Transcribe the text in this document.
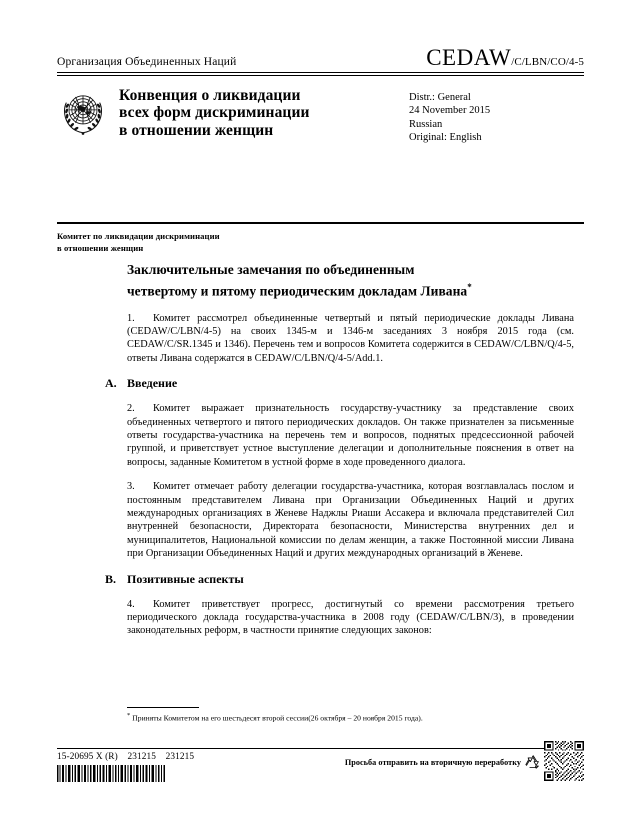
Организация Объединенных Наций	CEDAW /C/LBN/CO/4-5
Конвенция о ликвидации
всех форм дискриминации
в отношении женщин
Distr.: General
24 November 2015
Russian
Original: English
Комитет по ликвидации дискриминации
в отношении женщин
Заключительные замечания по объединенным
четвертому и пятому периодическим докладам Ливана*

1. Комитет рассмотрел объединенные четвертый и пятый периодические доклады Ливана (CEDAW/C/LBN/4-5) на своих 1345-м и 1346-м заседаниях 3 ноября 2015 года (см. CEDAW/C/SR.1345 и 1346). Перечень тем и вопросов Комитета содержится в CEDAW/C/LBN/Q/4-5, ответы Ливана содержатся в CEDAW/C/LBN/Q/4-5/Add.1.

A. Введение

2. Комитет выражает признательность государству-участнику за представление своих объединенных четвертого и пятого периодических докладов. Он также признателен за письменные ответы государства-участника на перечень тем и вопросов, поднятых предсессионной рабочей группой, и приветствует устное выступление делегации и дополнительные пояснения в ответ на вопросы, заданные Комитетом в устной форме в ходе проведенного диалога.

3. Комитет отмечает работу делегации государства-участника, которая возглавлалась послом и постоянным представителем Ливана при Организации Объединенных Наций и других международных организациях в Женеве Наджлы Риаши Ассакера и включала представителей Сил внутренней безопасности, Директората безопасности, Министерства внутренних дел и муниципалитетов, Национальной комиссии по делам женщин, а также Постоянной миссии Ливана при Организации Объединенных Наций и других международных организаций в Женеве.

B. Позитивные аспекты

4. Комитет приветствует прогресс, достигнутый со времени рассмотрения третьего периодического доклада государства-участника в 2008 году (CEDAW/C/LBN/3), в проведении законодательных реформ, в частности принятие следующих законов:

* Приняты Комитетом на его шестьдесят второй сессии(26 октября – 20 ноября 2015 года).
15-20695 X (R)    231215    231215	Просьба отправить на вторичную переработку
